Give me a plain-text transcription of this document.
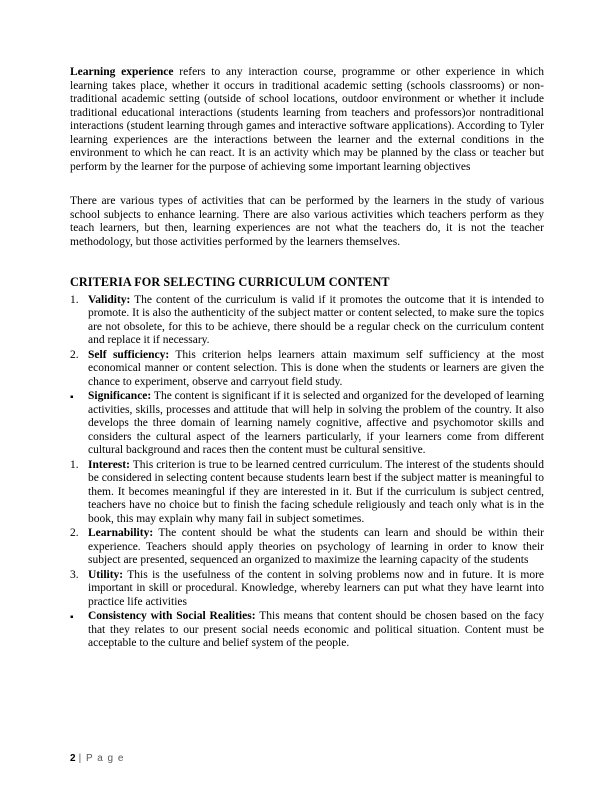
Learning experience refers to any interaction course, programme or other experience in which learning takes place, whether it occurs in traditional academic setting (schools classrooms) or non-traditional academic setting (outside of school locations, outdoor environment or whether it include traditional educational interactions (students learning from teachers and professors)or nontraditional interactions (student learning through games and interactive software applications). According to Tyler learning experiences are the interactions between the learner and the external conditions in the environment to which he can react. It is an activity which may be planned by the class or teacher but perform by the learner for the purpose of achieving some important learning objectives

There are various types of activities that can be performed by the learners in the study of various school subjects to enhance learning. There are also various activities which teachers perform as they teach learners, but then, learning experiences are not what the teachers do, it is not the teacher methodology, but those activities performed by the learners themselves.

CRITERIA FOR SELECTING CURRICULUM CONTENT
1. Validity: The content of the curriculum is valid if it promotes the outcome that it is intended to promote. It is also the authenticity of the subject matter or content selected, to make sure the topics are not obsolete, for this to be achieve, there should be a regular check on the curriculum content and replace it if necessary.
2. Self sufficiency: This criterion helps learners attain maximum self sufficiency at the most economical manner or content selection. This is done when the students or learners are given the chance to experiment, observe and carryout field study.
▪	Significance: The content is significant if it is selected and organized for the developed of learning activities, skills, processes and attitude that will help in solving the problem of the country. It also develops the three domain of learning namely cognitive, affective and psychomotor skills and considers the cultural aspect of the learners particularly, if your learners come from different cultural background and races then the content must be cultural sensitive.
1. Interest: This criterion is true to be learned centred curriculum. The interest of the students should be considered in selecting content because students learn best if the subject matter is meaningful to them. It becomes meaningful if they are interested in it. But if the curriculum is subject centred, teachers have no choice but to finish the facing schedule religiously and teach only what is in the book, this may explain why many fail in subject sometimes.
2. Learnability: The content should be what the students can learn and should be within their experience. Teachers should apply theories on psychology of learning in order to know their subject are presented, sequenced an organized to maximize the learning capacity of the students
3. Utility: This is the usefulness of the content in solving problems now and in future. It is more important in skill or procedural. Knowledge, whereby learners can put what they have learnt into practice life activities
▪	Consistency with Social Realities: This means that content should be chosen based on the facy that they relates to our present social needs economic and political situation. Content must be acceptable to the culture and belief system of the people.
2 | P a g e
